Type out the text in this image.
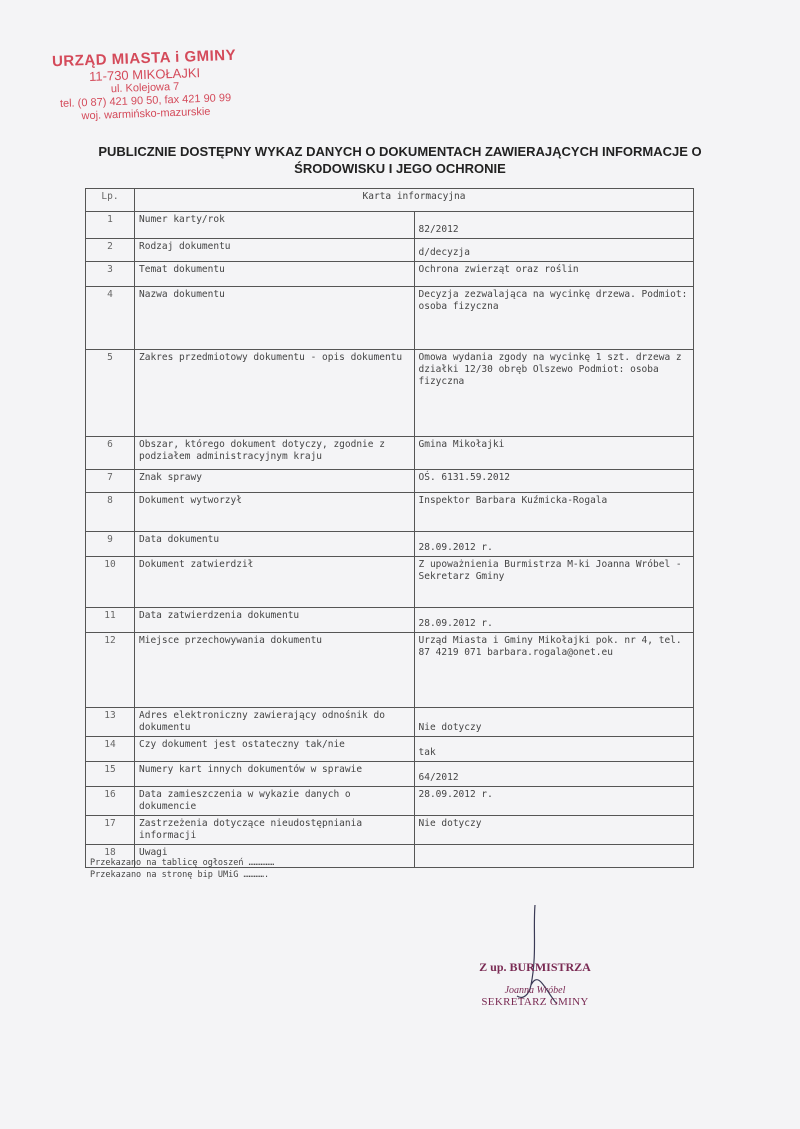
URZĄD MIASTA i GMINY
11-730 MIKOŁAJKI
ul. Kolejowa 7
tel. (0 87) 421 90 50, fax 421 90 99
woj. warmińsko-mazurskie
PUBLICZNIE DOSTĘPNY WYKAZ DANYCH O DOKUMENTACH ZAWIERAJĄCYCH INFORMACJE O
ŚRODOWISKU I JEGO OCHRONIE
Lp.	Karta informacyjna	
1	Numer karty/rok	82/2012
2	Rodzaj dokumentu	d/decyzja
3	Temat dokumentu	Ochrona zwierząt oraz roślin
4	Nazwa dokumentu	Decyzja zezwalająca na wycinkę drzewa. Podmiot: osoba fizyczna
5	Zakres przedmiotowy dokumentu - opis dokumentu	Omowa wydania zgody na wycinkę 1 szt. drzewa z działki 12/30 obręb Olszewo Podmiot: osoba fizyczna
6	Obszar, którego dokument dotyczy, zgodnie z podziałem administracyjnym kraju	Gmina Mikołajki
7	Znak sprawy	OŚ. 6131.59.2012
8	Dokument wytworzył	Inspektor Barbara Kuźmicka-Rogala
9	Data dokumentu	28.09.2012 r.
10	Dokument zatwierdził	Z upoważnienia Burmistrza M-ki Joanna Wróbel - Sekretarz Gminy
11	Data zatwierdzenia dokumentu	28.09.2012 r.
12	Miejsce przechowywania dokumentu	Urząd Miasta i Gminy Mikołajki pok. nr 4, tel. 87 4219 071 barbara.rogala@onet.eu
13	Adres elektroniczny zawierający odnośnik do dokumentu	Nie dotyczy
14	Czy dokument jest ostateczny tak/nie	tak
15	Numery kart innych dokumentów w sprawie	64/2012
16	Data zamieszczenia w wykazie danych o dokumencie	28.09.2012 r.
17	Zastrzeżenia dotyczące nieudostępniania informacji	Nie dotyczy
18	Uwagi	
Przekazano na tablicę ogłoszeń ……………
Przekazano na stronę bip UMiG ………….
Z up. BURMISTRZA
Joanna Wróbel
SEKRETARZ GMINY
